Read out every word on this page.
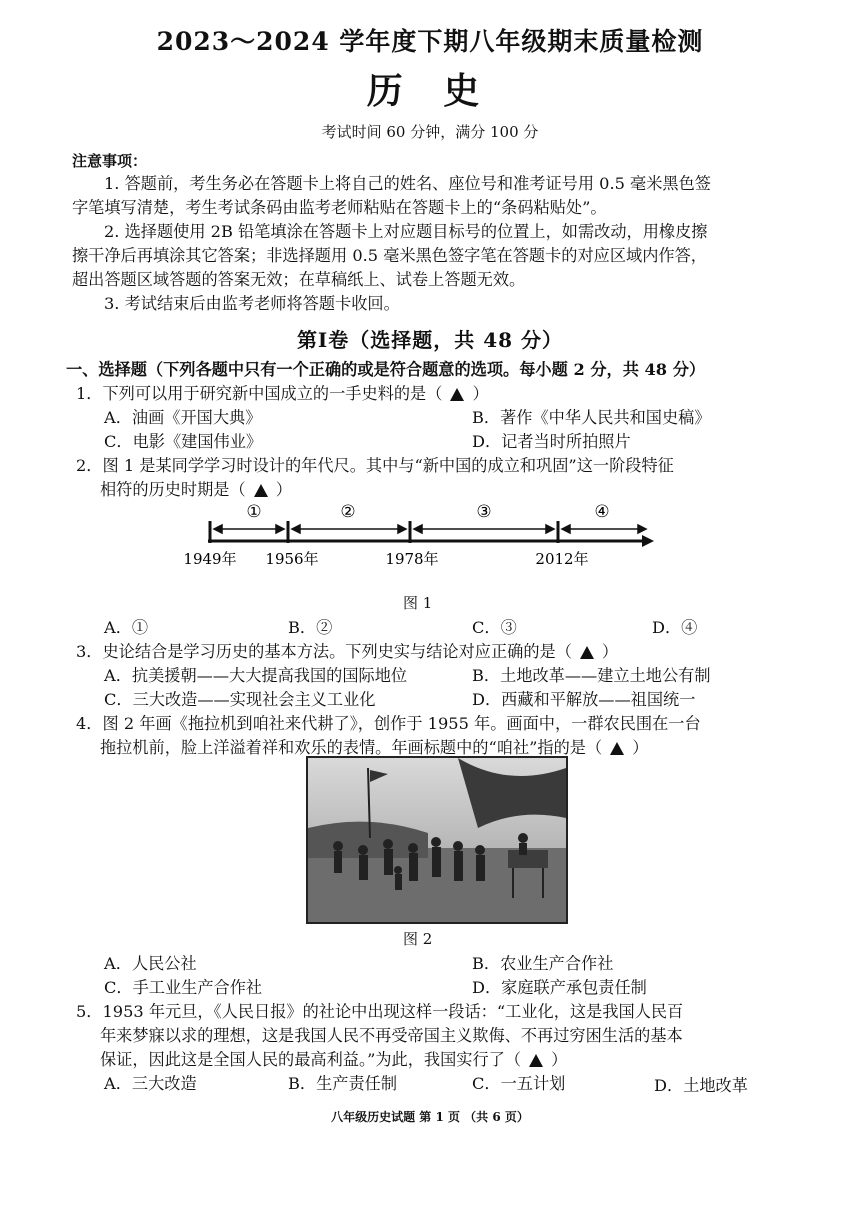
2023～2024 学年度下期八年级期末质量检测
历 史
考试时间 60 分钟，满分 100 分
注意事项：
1. 答题前，考生务必在答题卡上将自己的姓名、座位号和准考证号用 0.5 毫米黑色签
字笔填写清楚，考生考试条码由监考老师粘贴在答题卡上的“条码粘贴处”。
2. 选择题使用 2B 铅笔填涂在答题卡上对应题目标号的位置上，如需改动，用橡皮擦
擦干净后再填涂其它答案；非选择题用 0.5 毫米黑色签字笔在答题卡的对应区域内作答，
超出答题区域答题的答案无效；在草稿纸上、试卷上答题无效。
3. 考试结束后由监考老师将答题卡收回。
第Ⅰ卷（选择题，共 48 分）
一、选择题（下列各题中只有一个正确的或是符合题意的选项。每小题 2 分，共 48 分）
1．下列可以用于研究新中国成立的一手史料的是（ ）
A．油画《开国大典》	B．著作《中华人民共和国史稿》
C．电影《建国伟业》	D．记者当时所拍照片
2．图 1 是某同学学习时设计的年代尺。其中与“新中国的成立和巩固”这一阶段特征
相符的历史时期是（ ）
①	②	③	④
1949年 1956年	1978年	2012年
图 1
A．①	B．②	C．③	D．④
3．史论结合是学习历史的基本方法。下列史实与结论对应正确的是（ ）
A．抗美援朝——大大提高我国的国际地位	B．土地改革——建立土地公有制
C．三大改造——实现社会主义工业化	D．西藏和平解放——祖国统一
4．图 2 年画《拖拉机到咱社来代耕了》，创作于 1955 年。画面中，一群农民围在一台
拖拉机前，脸上洋溢着祥和欢乐的表情。年画标题中的“咱社”指的是（ ）
图 2
A．人民公社	B．农业生产合作社
C．手工业生产合作社	D．家庭联产承包责任制
5．1953 年元旦，《人民日报》的社论中出现这样一段话：“工业化，这是我国人民百
年来梦寐以求的理想，这是我国人民不再受帝国主义欺侮、不再过穷困生活的基本
保证，因此这是全国人民的最高利益。”为此，我国实行了（ ）
A．三大改造	B．生产责任制	C．一五计划	D．土地改革
八年级历史试题 第 1 页 （共 6 页）
